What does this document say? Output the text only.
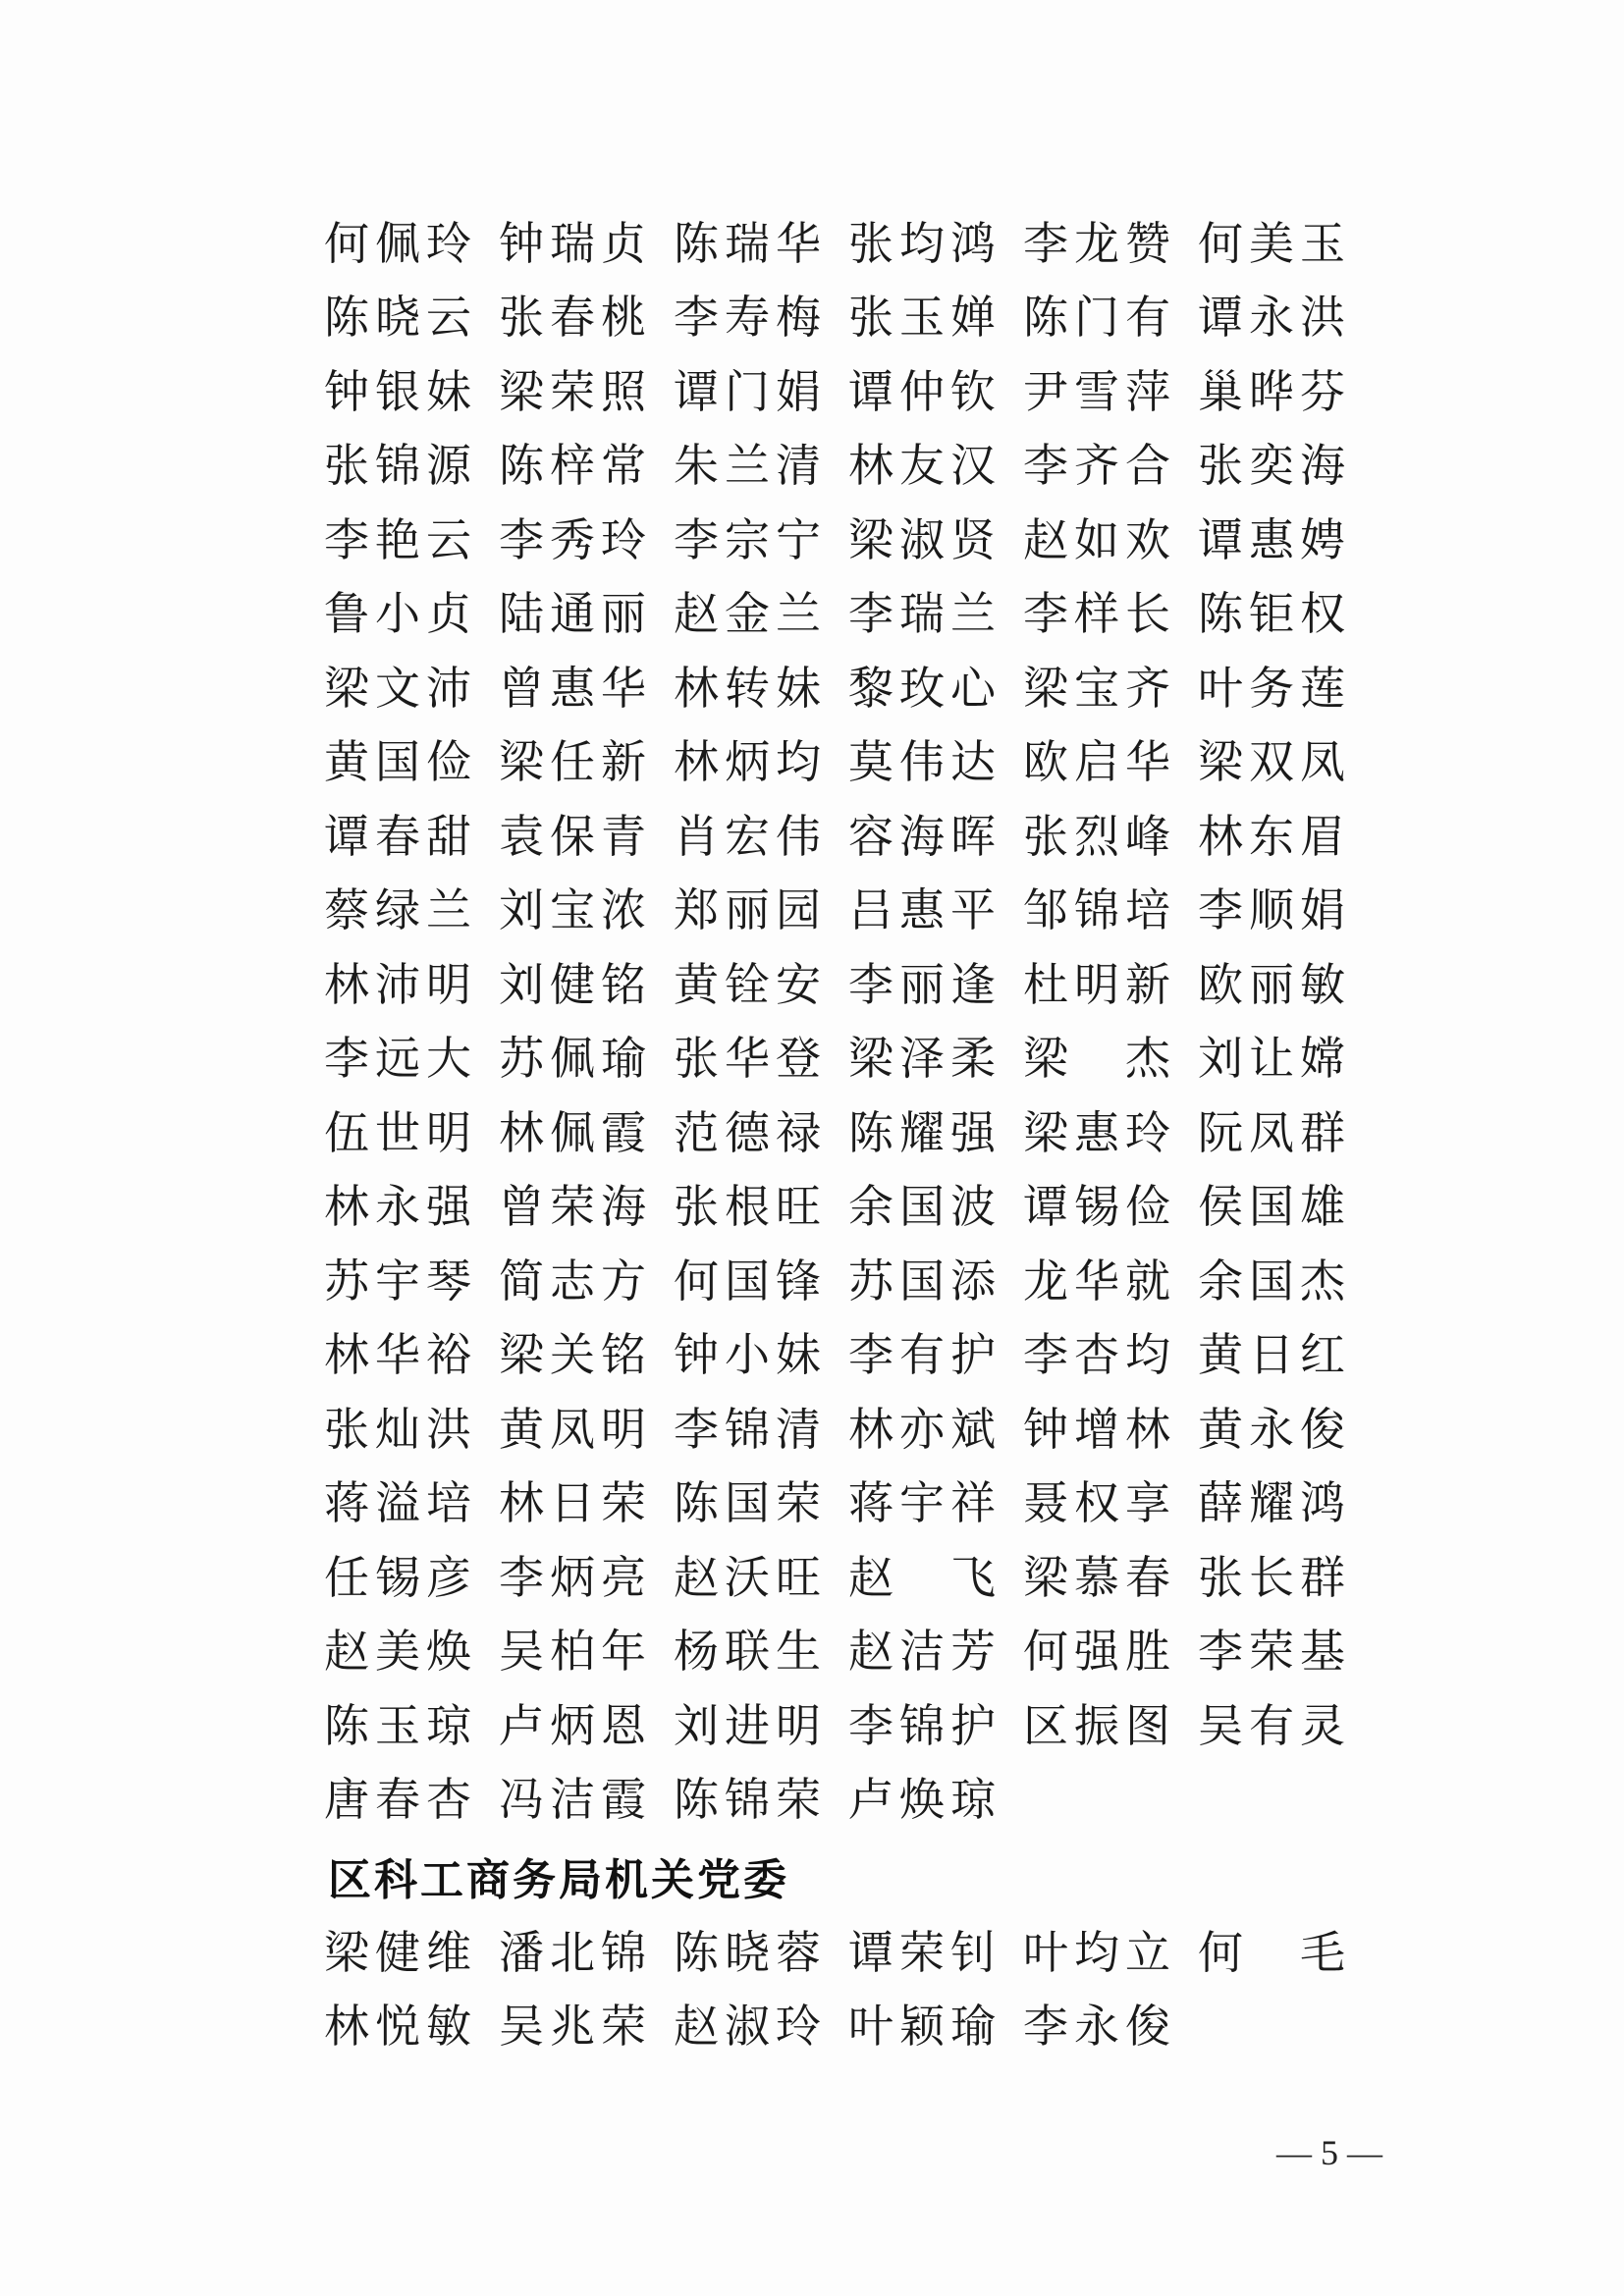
何佩玲 钟瑞贞 陈瑞华 张均鸿 李龙赞 何美玉
陈晓云 张春桃 李寿梅 张玉婵 陈门有 谭永洪
钟银妹 梁荣照 谭门娟 谭仲钦 尹雪萍 巢晔芬
张锦源 陈梓常 朱兰清 林友汉 李齐合 张奕海
李艳云 李秀玲 李宗宁 梁淑贤 赵如欢 谭惠娉
鲁小贞 陆通丽 赵金兰 李瑞兰 李样长 陈钜权
梁文沛 曾惠华 林转妹 黎玫心 梁宝齐 叶务莲
黄国俭 梁任新 林炳均 莫伟达 欧启华 梁双凤
谭春甜 袁保青 肖宏伟 容海晖 张烈峰 林东眉
蔡绿兰 刘宝浓 郑丽园 吕惠平 邹锦培 李顺娟
林沛明 刘健铭 黄铨安 李丽逢 杜明新 欧丽敏
李远大 苏佩瑜 张华登 梁泽柔 梁　杰 刘让嫦
伍世明 林佩霞 范德禄 陈耀强 梁惠玲 阮凤群
林永强 曾荣海 张根旺 余国波 谭锡俭 侯国雄
苏宇琴 简志方 何国锋 苏国添 龙华就 余国杰
林华裕 梁关铭 钟小妹 李有护 李杏均 黄日红
张灿洪 黄凤明 李锦清 林亦斌 钟增林 黄永俊
蒋溢培 林日荣 陈国荣 蒋宇祥 聂权享 薛耀鸿
任锡彦 李炳亮 赵沃旺 赵　飞 梁慕春 张长群
赵美焕 吴柏年 杨联生 赵洁芳 何强胜 李荣基
陈玉琼 卢炳恩 刘进明 李锦护 区振图 吴有灵
唐春杏 冯洁霞 陈锦荣 卢焕琼
区科工商务局机关党委
梁健维 潘北锦 陈晓蓉 谭荣钊 叶均立 何　毛
林悦敏 吴兆荣 赵淑玲 叶颖瑜 李永俊
— 5 —
